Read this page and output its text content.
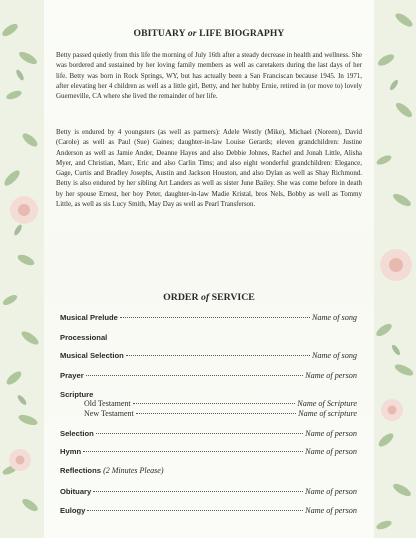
OBITUARY or LIFE BIOGRAPHY

Betty passed quietly from this life the morning of July 16th after a steady decrease in health and wellness. She was bordered and sustained by her loving family members as well as caretakers during the last days of her life. Betty was born in Rock Springs, WY, but has actually been a San Franciscan because 1945. In 1971, after elevating her 4 children as well as a little girl, Betty, and her hubby Ernie, retired in (or move to) lovely Guerneville, CA where she lived the remainder of her life.

Betty is endured by 4 youngsters (as well as partners): Adele Westly (Mike), Michael (Noreen), David (Carole) as well as Paul (Sue) Gaines; daughter-in-law Louise Gerards; eleven grandchildren: Justine Anderson as well as Jamie Ander, Deanne Hayes and also Debbie Johnes, Rachel and Jonah Little, Alisha Myer, and Christian, Marc, Eric and also Carlin Tims; and also eight wonderful grandchildren: Elegance, Gage, Curtis and Bradley Josephs, Austin and Jackson Houston, and also Dylan as well as Shay Richmond. Betty is also endured by her sibling Art Landers as well as sister June Bailey. She was come before in death by her spouse Ernest, her boy Peter, daughter-in-law Madie Kristal, bros Nels, Bobby as well as Tommy Little, as well as sis Lucy Smith, May Day as well as Pearl Transferson.

ORDER of SERVICE
Musical Prelude	Name of song
Processional
Musical Selection	Name of song
Prayer	Name of person
Scripture
Old Testament	Name of Scripture
New Testament	Name of scripture
Selection	Name of person
Hymn	Name of person
Reflections (2 Minutes Please)
Obituary	Name of person
Eulogy	Name of person
